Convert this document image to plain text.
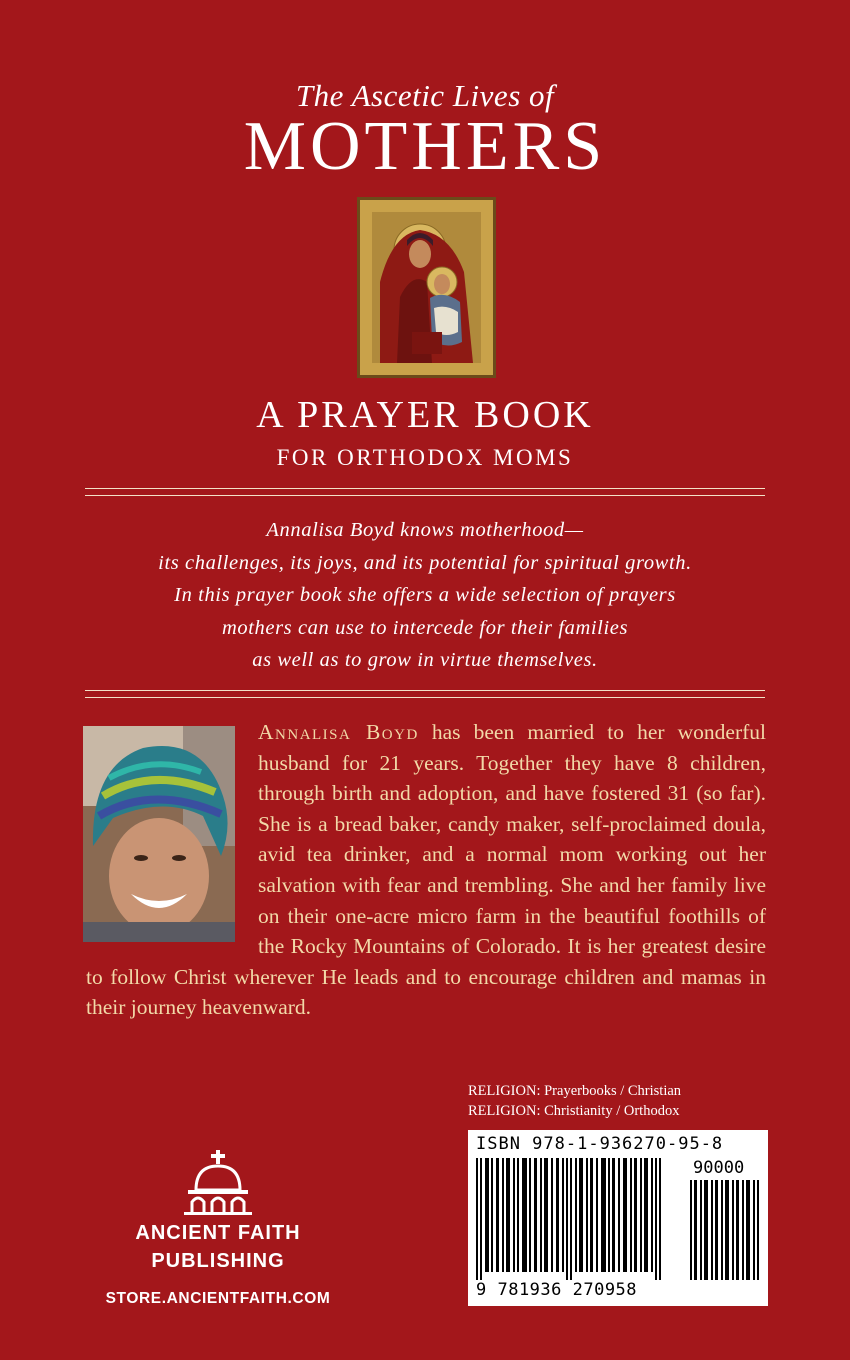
The Ascetic Lives of
MOTHERS
A PRAYER BOOK
FOR ORTHODOX MOMS
Annalisa Boyd knows motherhood—
its challenges, its joys, and its potential for spiritual growth.
In this prayer book she offers a wide selection of prayers
mothers can use to intercede for their families
as well as to grow in virtue themselves.
Annalisa Boyd has been married to her wonderful husband for 21 years. Together they have 8 children, through birth and adoption, and have fostered 31 (so far). She is a bread baker, candy maker, self-proclaimed doula, avid tea drinker, and a normal mom working out her salvation with fear and trembling. She and her family live on their one-acre micro farm in the beautiful foothills of the Rocky Mountains of Colorado. It is her greatest desire to follow Christ wherever He leads and to encourage children and mamas in their journey heavenward.
RELIGION: Prayerbooks / Christian
RELIGION: Christianity / Orthodox
ISBN 978-1-936270-95-8
90000
9 781936 270958
ANCIENT FAITH
PUBLISHING
STORE.ANCIENTFAITH.COM
